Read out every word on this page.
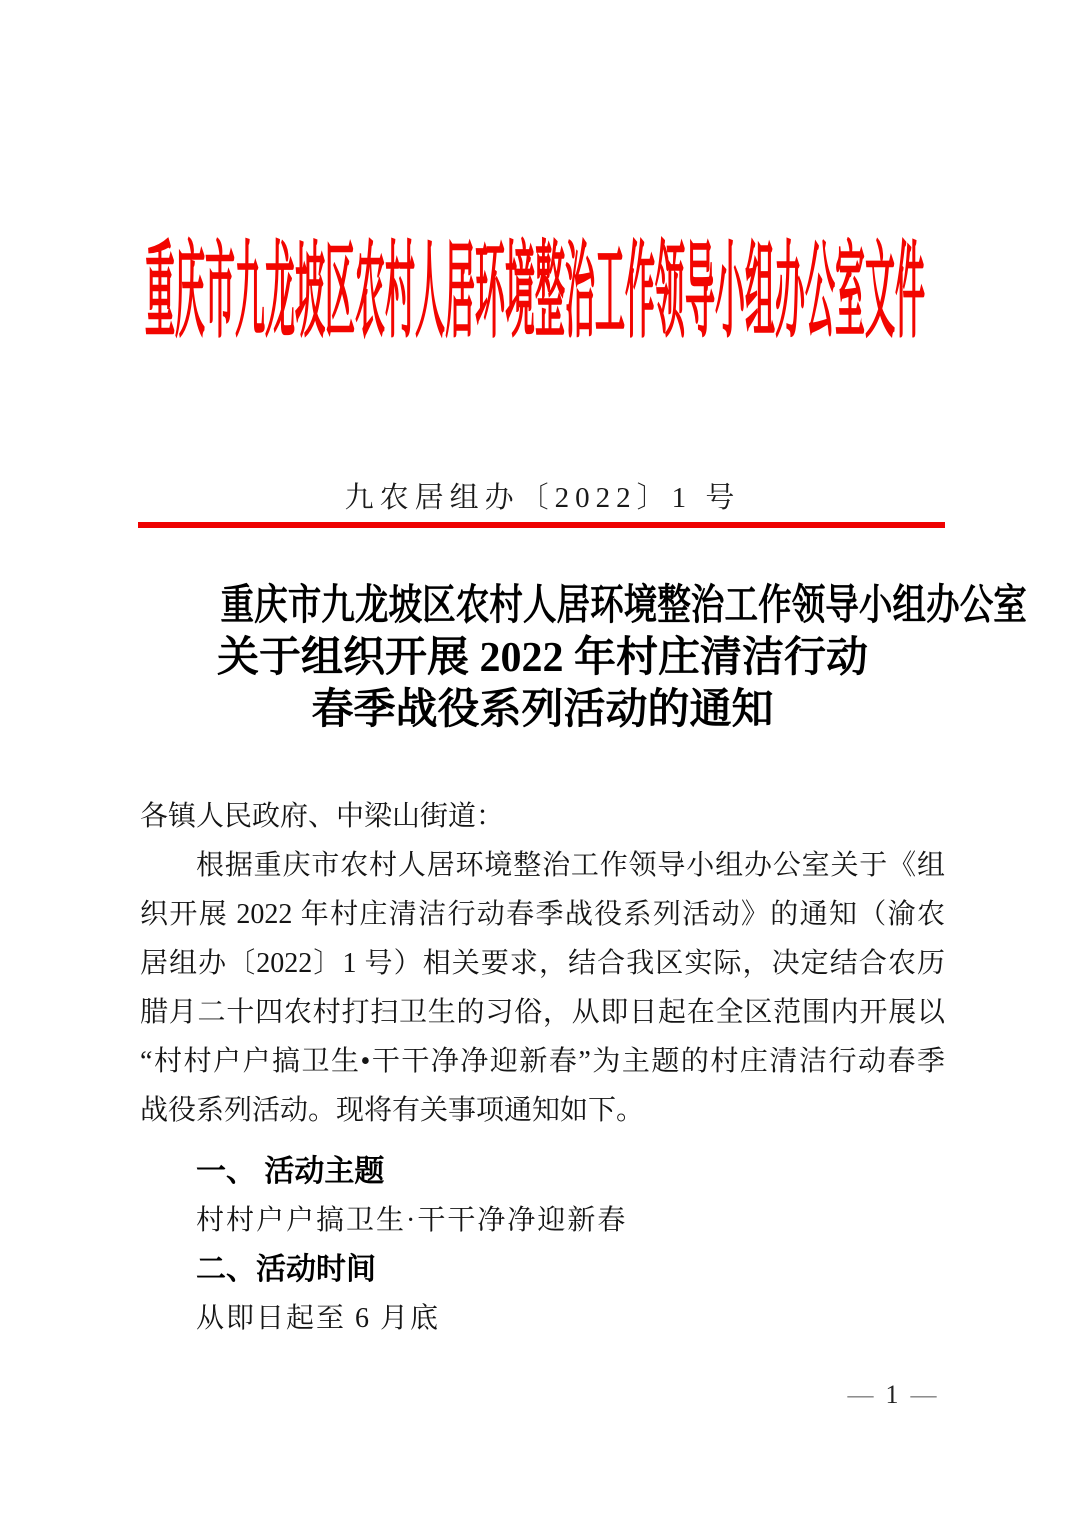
重庆市九龙坡区农村人居环境整治工作领导小组办公室文件
九农居组办〔2022〕1 号
重庆市九龙坡区农村人居环境整治工作领导小组办公室
关于组织开展 2022 年村庄清洁行动
春季战役系列活动的通知
各镇人民政府、中梁山街道：
根据重庆市农村人居环境整治工作领导小组办公室关于《组
织开展 2022 年村庄清洁行动春季战役系列活动》的通知（渝农
居组办〔2022〕1 号）相关要求，结合我区实际，决定结合农历
腊月二十四农村打扫卫生的习俗，从即日起在全区范围内开展以
“村村户户搞卫生•干干净净迎新春”为主题的村庄清洁行动春季
战役系列活动。现将有关事项通知如下。
一、 活动主题
村村户户搞卫生·干干净净迎新春
二、活动时间
从即日起至 6 月底
— 1 —
